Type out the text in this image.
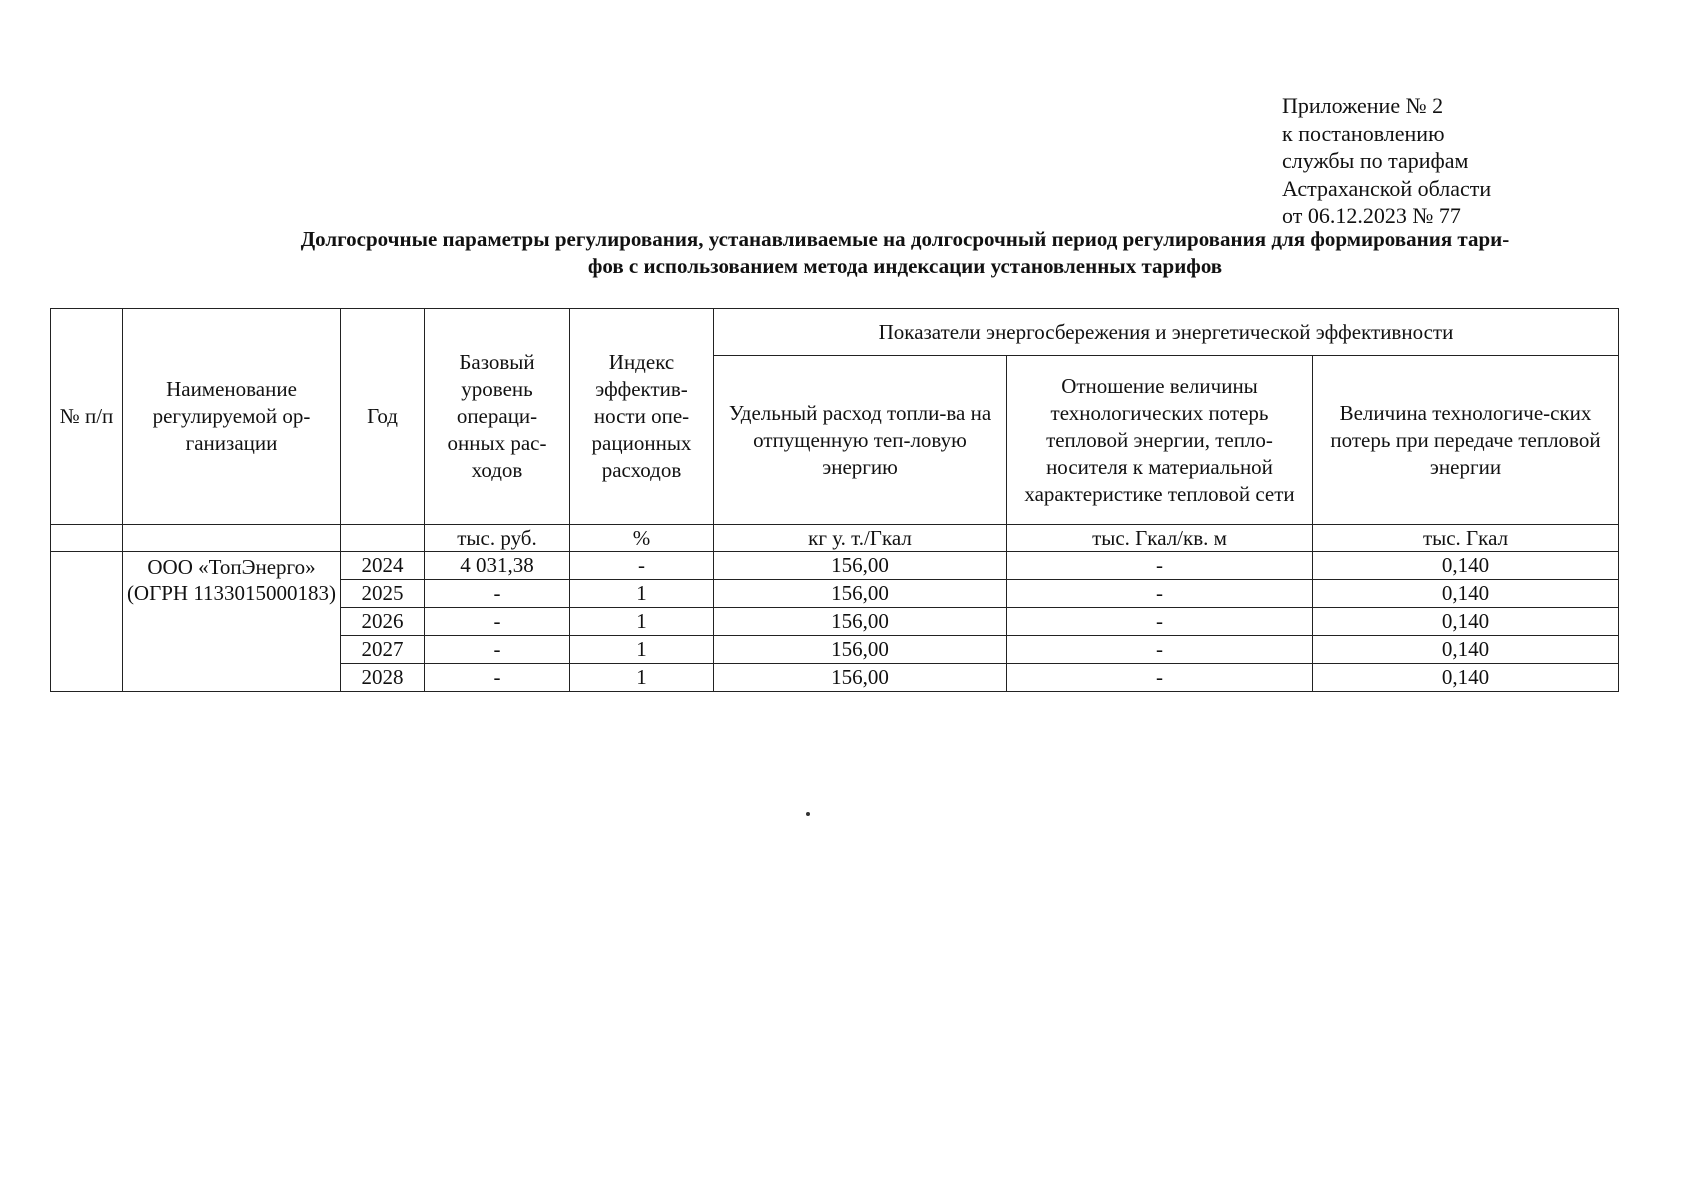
Приложение № 2
к постановлению
службы по тарифам
Астраханской области
от 06.12.2023 № 77
Долгосрочные параметры регулирования, устанавливаемые на долгосрочный период регулирования для формирования тари-
фов с использованием метода индексации установленных тарифов
№ п/п	Наименование регулируемой ор-ганизации	Год	Базовый уровень операци-онных рас-ходов	Индекс эффектив-ности опе-рационных расходов	Показатели энергосбережения и энергетической эффективности		
					Удельный расход топли-ва на отпущенную теп-ловую энергию	Отношение величины технологических потерь тепловой энергии, тепло-носителя к материальной характеристике тепловой сети	Величина технологиче-ских потерь при передаче тепловой энергии
			тыс. руб.	%	кг у. т./Гкал	тыс. Гкал/кв. м	тыс. Гкал
	ООО «ТопЭнерго» (ОГРН 1133015000183)	2024	4 031,38	-	156,00	-	0,140
		2025	-	1	156,00	-	0,140
		2026	-	1	156,00	-	0,140
		2027	-	1	156,00	-	0,140
		2028	-	1	156,00	-	0,140
